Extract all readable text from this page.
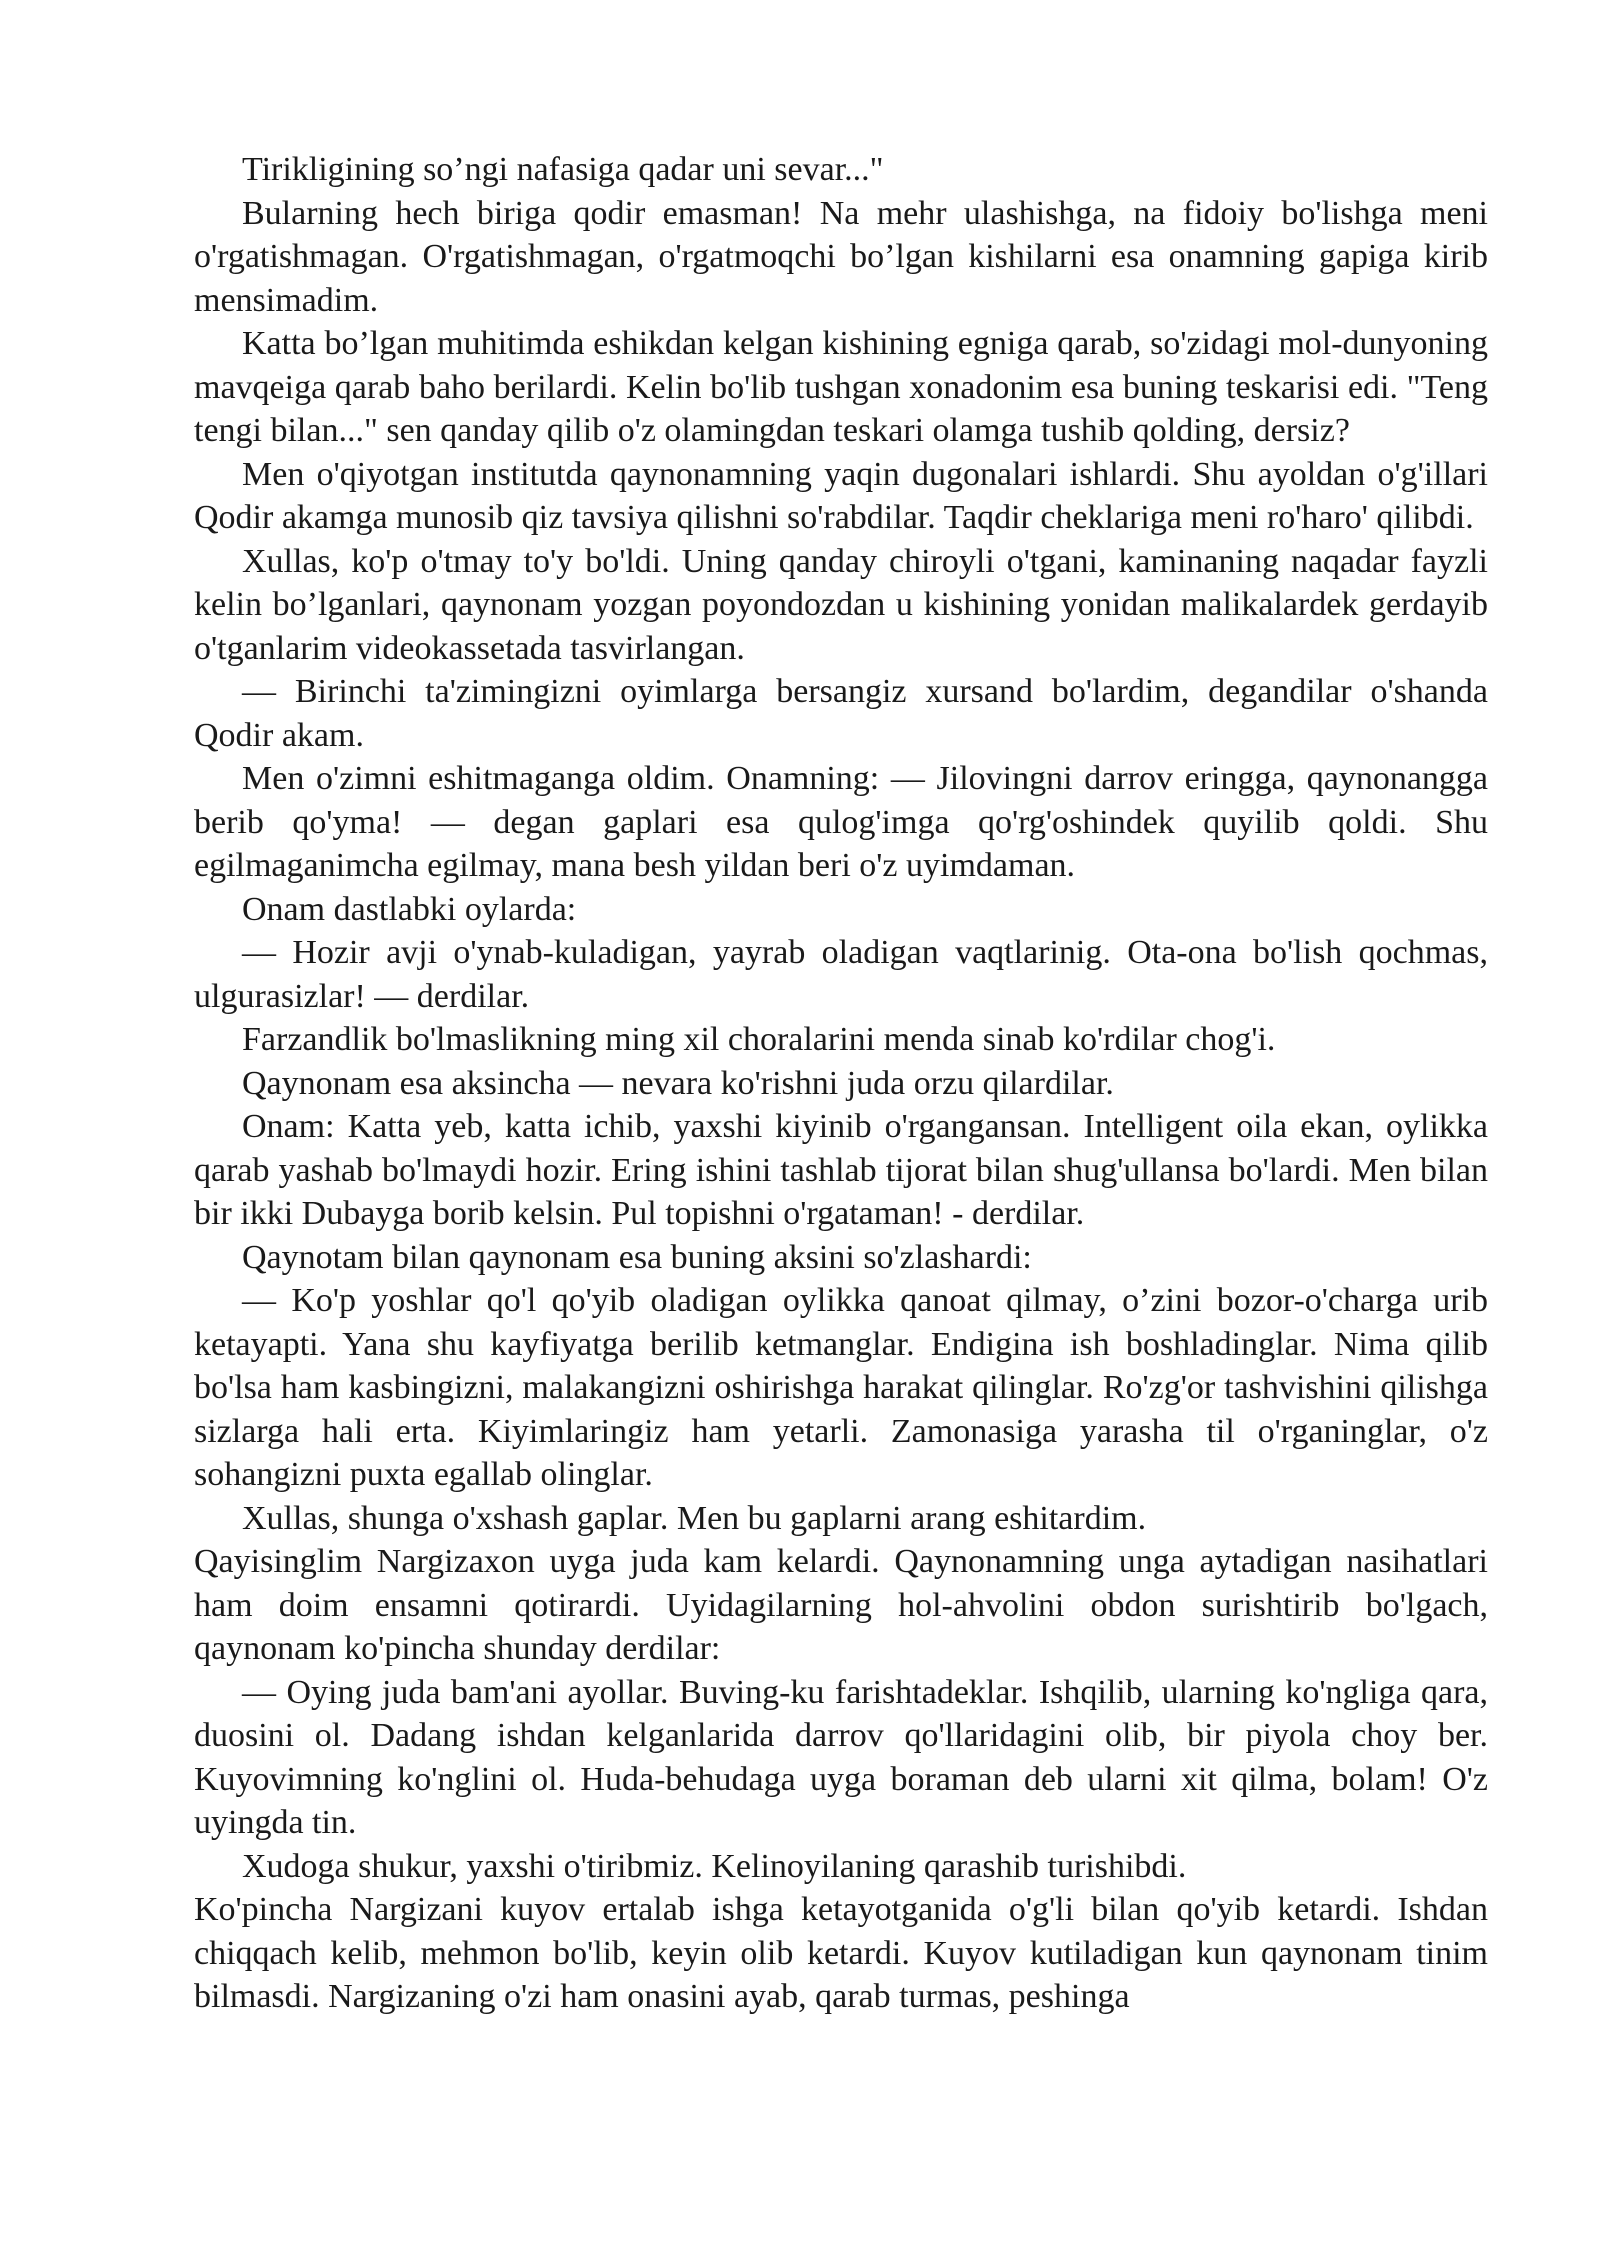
Tirikligining so’ngi nafasiga qadar uni sevar..."

Bularning hech biriga qodir emasman! Na mehr ulashishga, na fidoiy bo'lishga meni o'rgatishmagan. O'rgatishmagan, o'rgatmoqchi bo’lgan kishilarni esa onamning gapiga kirib mensimadim.

Katta bo’lgan muhitimda eshikdan kelgan kishining egniga qarab, so'zidagi mol-dunyoning mavqeiga qarab baho berilardi. Kelin bo'lib tushgan xonadonim esa buning teskarisi edi. "Teng tengi bilan..." sen qanday qilib o'z olamingdan teskari olamga tushib qolding, dersiz?

Men o'qiyotgan institutda qaynonamning yaqin dugonalari ishlardi. Shu ayoldan o'g'illari Qodir akamga munosib qiz tavsiya qilishni so'rabdilar. Taqdir cheklariga meni ro'haro' qilibdi.

Xullas, ko'p o'tmay to'y bo'ldi. Uning qanday chiroyli o'tgani, kaminaning naqadar fayzli kelin bo’lganlari, qaynonam yozgan poyondozdan u kishining yonidan malikalardek gerdayib o'tganlarim videokassetada tasvirlangan.

— Birinchi ta'zimingizni oyimlarga bersangiz xursand bo'lardim, degandilar o'shanda Qodir akam.

Men o'zimni eshitmaganga oldim. Onamning: — Jilovingni darrov eringga, qaynonangga berib qo'yma! — degan gaplari esa qulog'imga qo'rg'oshindek quyilib qoldi. Shu egilmaganimcha egilmay, mana besh yildan beri o'z uyimdaman.

Onam dastlabki oylarda:

— Hozir avji o'ynab-kuladigan, yayrab oladigan vaqtlarinig. Ota-ona bo'lish qochmas, ulgurasizlar! — derdilar.

Farzandlik bo'lmaslikning ming xil choralarini menda sinab ko'rdilar chog'i.

Qaynonam esa aksincha — nevara ko'rishni juda orzu qilardilar.

Onam: Katta yeb, katta ichib, yaxshi kiyinib o'rgangansan. Intelligent oila ekan, oylikka qarab yashab bo'lmaydi hozir. Ering ishini tashlab tijorat bilan shug'ullansa bo'lardi. Men bilan bir ikki Dubayga borib kelsin. Pul topishni o'rgataman! - derdilar.

Qaynotam bilan qaynonam esa buning aksini so'zlashardi:

— Ko'p yoshlar qo'l qo'yib oladigan oylikka qanoat qilmay, o’zini bozor-o'charga urib ketayapti. Yana shu kayfiyatga berilib ketmanglar. Endigina ish boshladinglar. Nima qilib bo'lsa ham kasbingizni, malakangizni oshirishga harakat qilinglar. Ro'zg'or tashvishini qilishga sizlarga hali erta. Kiyimlaringiz ham yetarli. Zamonasiga yarasha til o'rganinglar, o'z sohangizni puxta egallab olinglar.

Xullas, shunga o'xshash gaplar. Men bu gaplarni arang eshitardim.

Qayisinglim Nargizaxon uyga juda kam kelardi. Qaynonamning unga aytadigan nasihatlari ham doim ensamni qotirardi. Uyidagilarning hol-ahvolini obdon surishtirib bo'lgach, qaynonam ko'pincha shunday derdilar:

— Oying juda bam'ani ayollar. Buving-ku farishtadeklar. Ishqilib, ularning ko'ngliga qara, duosini ol. Dadang ishdan kelganlarida darrov qo'llaridagini olib, bir piyola choy ber. Kuyovimning ko'nglini ol. Huda-behudaga uyga boraman deb ularni xit qilma, bolam! O'z uyingda tin.

Xudoga shukur, yaxshi o'tiribmiz. Kelinoyilaning qarashib turishibdi.

Ko'pincha Nargizani kuyov ertalab ishga ketayotganida o'g'li bilan qo'yib ketardi. Ishdan chiqqach kelib, mehmon bo'lib, keyin olib ketardi. Kuyov kutiladigan kun qaynonam tinim bilmasdi. Nargizaning o'zi ham onasini ayab, qarab turmas, peshinga
